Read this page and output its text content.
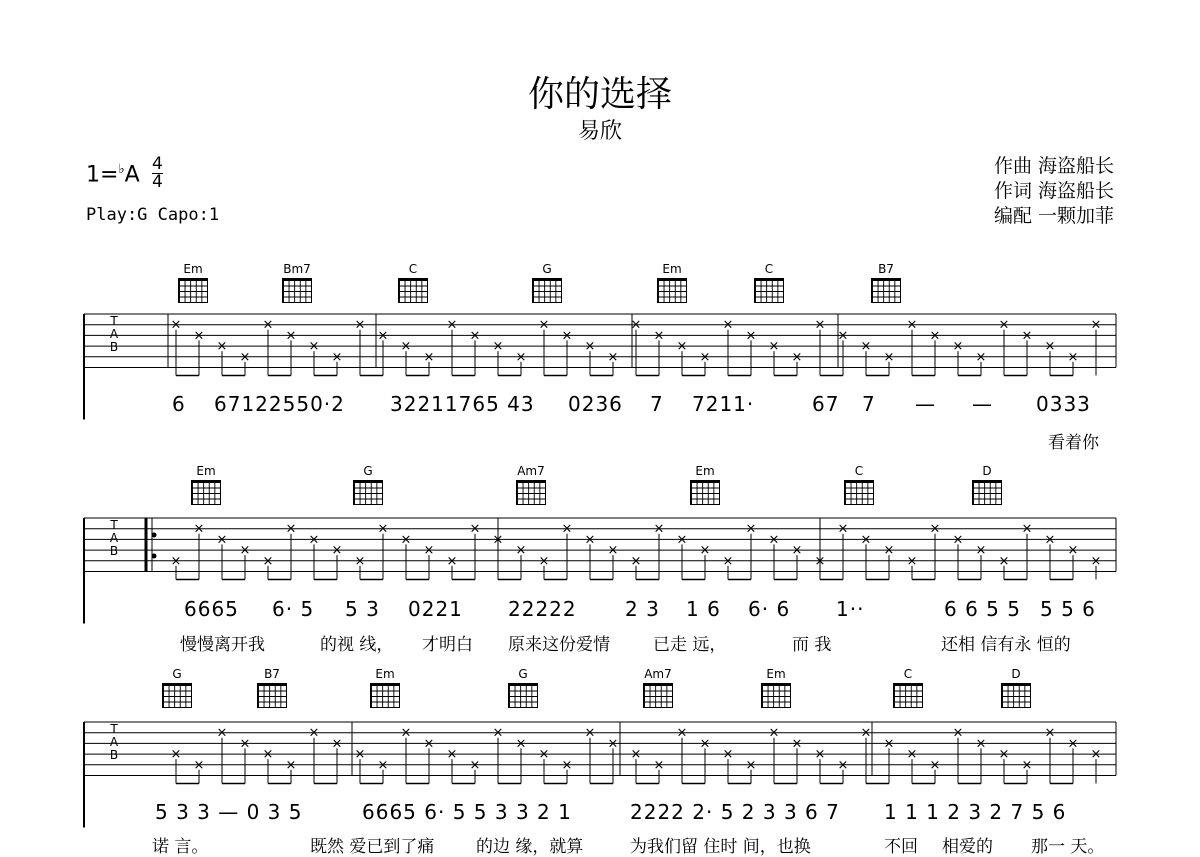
你的选择
易欣
1=♭A 4
4
Play:G Capo:1
作曲 海盗船长
作词 海盗船长
编配 一颗加菲
T
A
B
×
×
×
×
×
×
×
×
×
×
×
×
×
×
×
×
×
×
×
×
×
×
×
×
×
×
×
×
×
×
×
×
×
×
×
×
×
×
×
×
×
T
A
B
×
×
×
×
×
×
×
×
×
×
×
×
×
×
×
×
×
×
×
×
×
×
×
×
×
×
×
×
×
×
×
×
×
×
×
×
×
×
×
×
×
T
A
B	×
×
×
×
×
×
×
×
×
×
×
×
×
×
×
×
×
×
×
×
×
×
×
×
×
×
×
×
×
×
×
×
×
×
×
×
×
×
×
×
×
Em	Bm7	C	G	Em	C	B7
6 67122550·2 32211765 43 0236 7 7211·	67 7 — — 0333
看着你
Em	G	Am7	Em	C	D
6665 6· 5 5 3 0221 22222 2 3 1 6 6· 6 1··	6 6 5 5 5 5 6
慢慢离开我	的视 线， 才明白 原来这份爱情	已走 远，	而 我	还相 信有永 恒的
G	B7	Em	G	Am7	Em	C	D
5 3 3 — 0 3 5	6665 6· 5 5 3 3 2 1	2222 2· 5 2 3 3 6 7 1 1 1 2 3 2 7 5 6
诺 言。	既然 爱已到了痛 的边 缘，就算	为我们留 住时 间，也换	不回 相爱的 那一 天。
